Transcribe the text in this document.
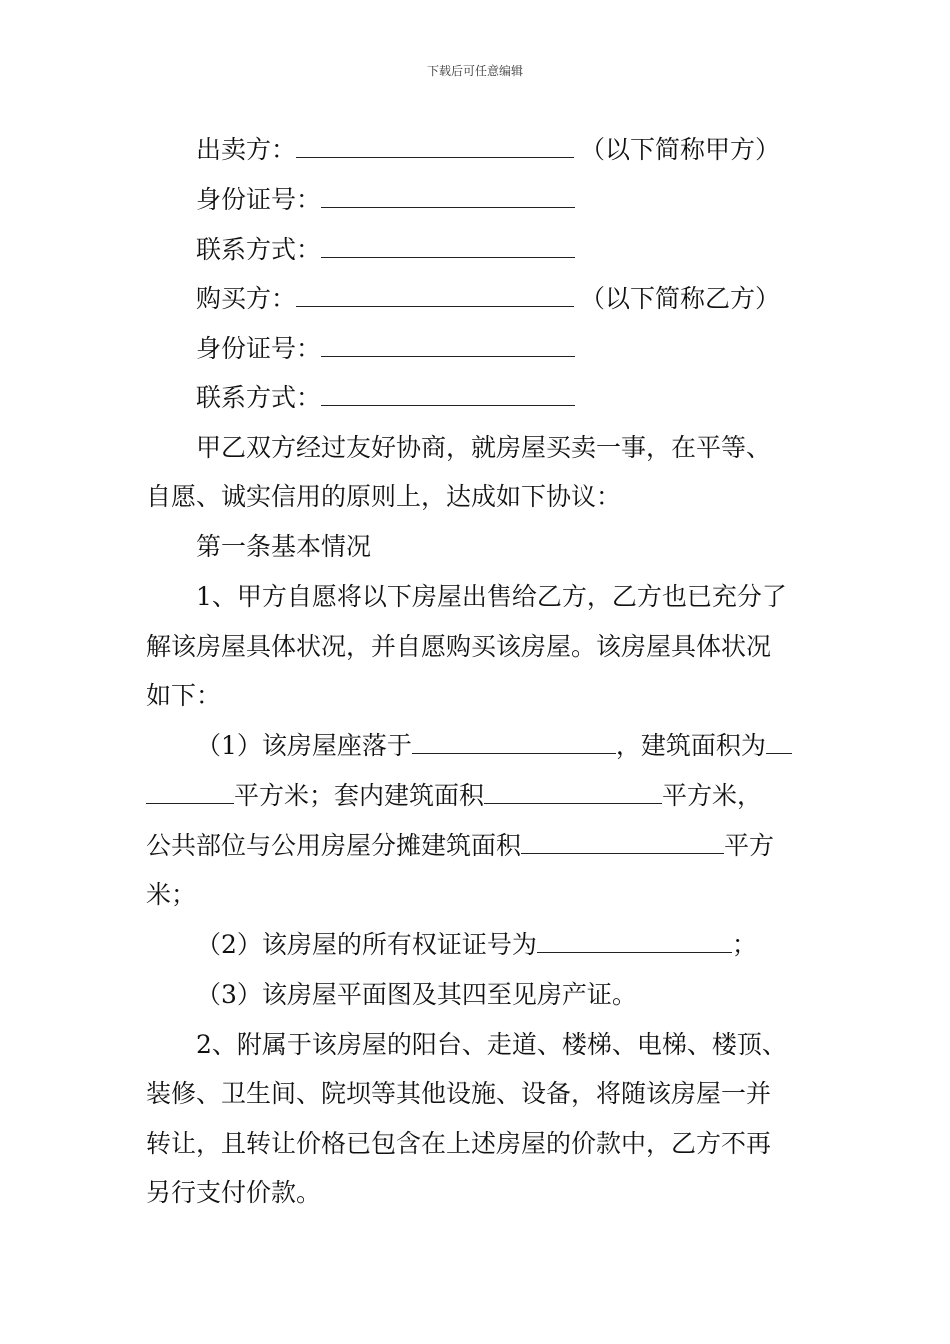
下载后可任意编辑
出卖方：	（以下简称甲方）
身份证号：
联系方式：
购买方：	（以下简称乙方）
身份证号：
联系方式：
甲乙双方经过友好协商，就房屋买卖一事，在平等、
自愿、诚实信用的原则上，达成如下协议：
第一条基本情况
1、甲方自愿将以下房屋出售给乙方，乙方也已充分了
解该房屋具体状况，并自愿购买该房屋。该房屋具体状况
如下：
（1）该房屋座落于	，建筑面积为
平方米；套内建筑面积	平方米，
公共部位与公用房屋分摊建筑面积	平方
米；
（2）该房屋的所有权证证号为	；
（3）该房屋平面图及其四至见房产证。
2、附属于该房屋的阳台、走道、楼梯、电梯、楼顶、
装修、卫生间、院坝等其他设施、设备，将随该房屋一并
转让，且转让价格已包含在上述房屋的价款中，乙方不再
另行支付价款。
